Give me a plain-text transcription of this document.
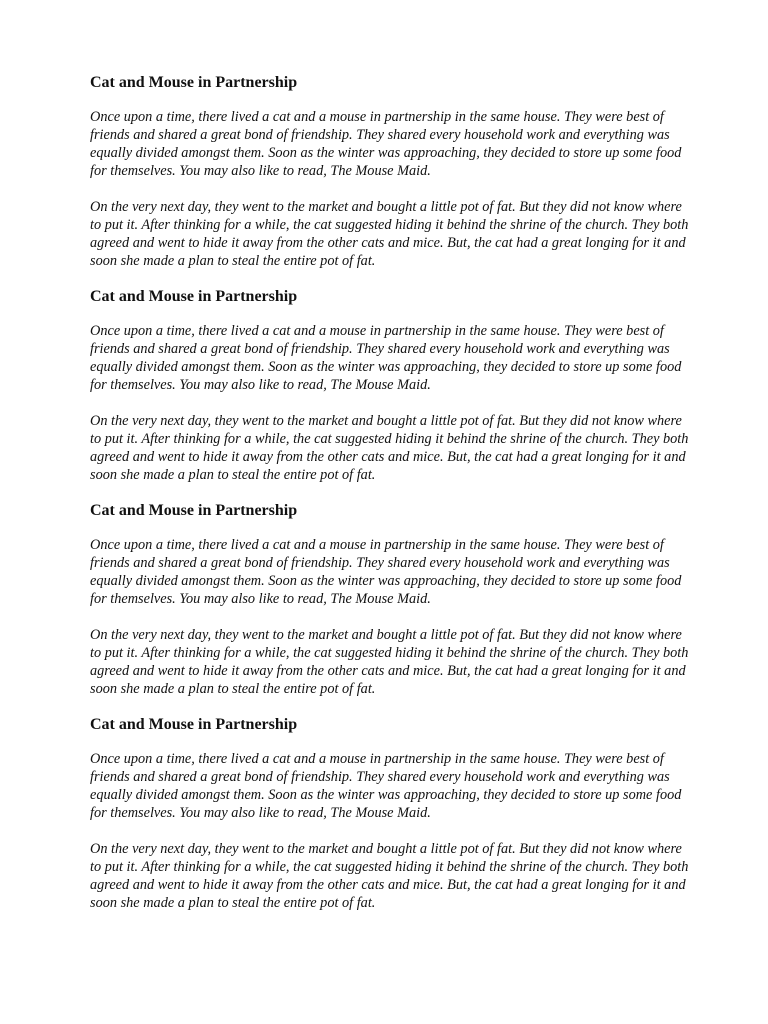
Cat and Mouse in Partnership

Once upon a time, there lived a cat and a mouse in partnership in the same house. They were best of friends and shared a great bond of friendship. They shared every household work and everything was equally divided amongst them. Soon as the winter was approaching, they decided to store up some food for themselves. You may also like to read, The Mouse Maid.

On the very next day, they went to the market and bought a little pot of fat. But they did not know where to put it. After thinking for a while, the cat suggested hiding it behind the shrine of the church. They both agreed and went to hide it away from the other cats and mice. But, the cat had a great longing for it and soon she made a plan to steal the entire pot of fat.

Cat and Mouse in Partnership

Once upon a time, there lived a cat and a mouse in partnership in the same house. They were best of friends and shared a great bond of friendship. They shared every household work and everything was equally divided amongst them. Soon as the winter was approaching, they decided to store up some food for themselves. You may also like to read, The Mouse Maid.

On the very next day, they went to the market and bought a little pot of fat. But they did not know where to put it. After thinking for a while, the cat suggested hiding it behind the shrine of the church. They both agreed and went to hide it away from the other cats and mice. But, the cat had a great longing for it and soon she made a plan to steal the entire pot of fat.

Cat and Mouse in Partnership

Once upon a time, there lived a cat and a mouse in partnership in the same house. They were best of friends and shared a great bond of friendship. They shared every household work and everything was equally divided amongst them. Soon as the winter was approaching, they decided to store up some food for themselves. You may also like to read, The Mouse Maid.

On the very next day, they went to the market and bought a little pot of fat. But they did not know where to put it. After thinking for a while, the cat suggested hiding it behind the shrine of the church. They both agreed and went to hide it away from the other cats and mice. But, the cat had a great longing for it and soon she made a plan to steal the entire pot of fat.

Cat and Mouse in Partnership

Once upon a time, there lived a cat and a mouse in partnership in the same house. They were best of friends and shared a great bond of friendship. They shared every household work and everything was equally divided amongst them. Soon as the winter was approaching, they decided to store up some food for themselves. You may also like to read, The Mouse Maid.

On the very next day, they went to the market and bought a little pot of fat. But they did not know where to put it. After thinking for a while, the cat suggested hiding it behind the shrine of the church. They both agreed and went to hide it away from the other cats and mice. But, the cat had a great longing for it and soon she made a plan to steal the entire pot of fat.
